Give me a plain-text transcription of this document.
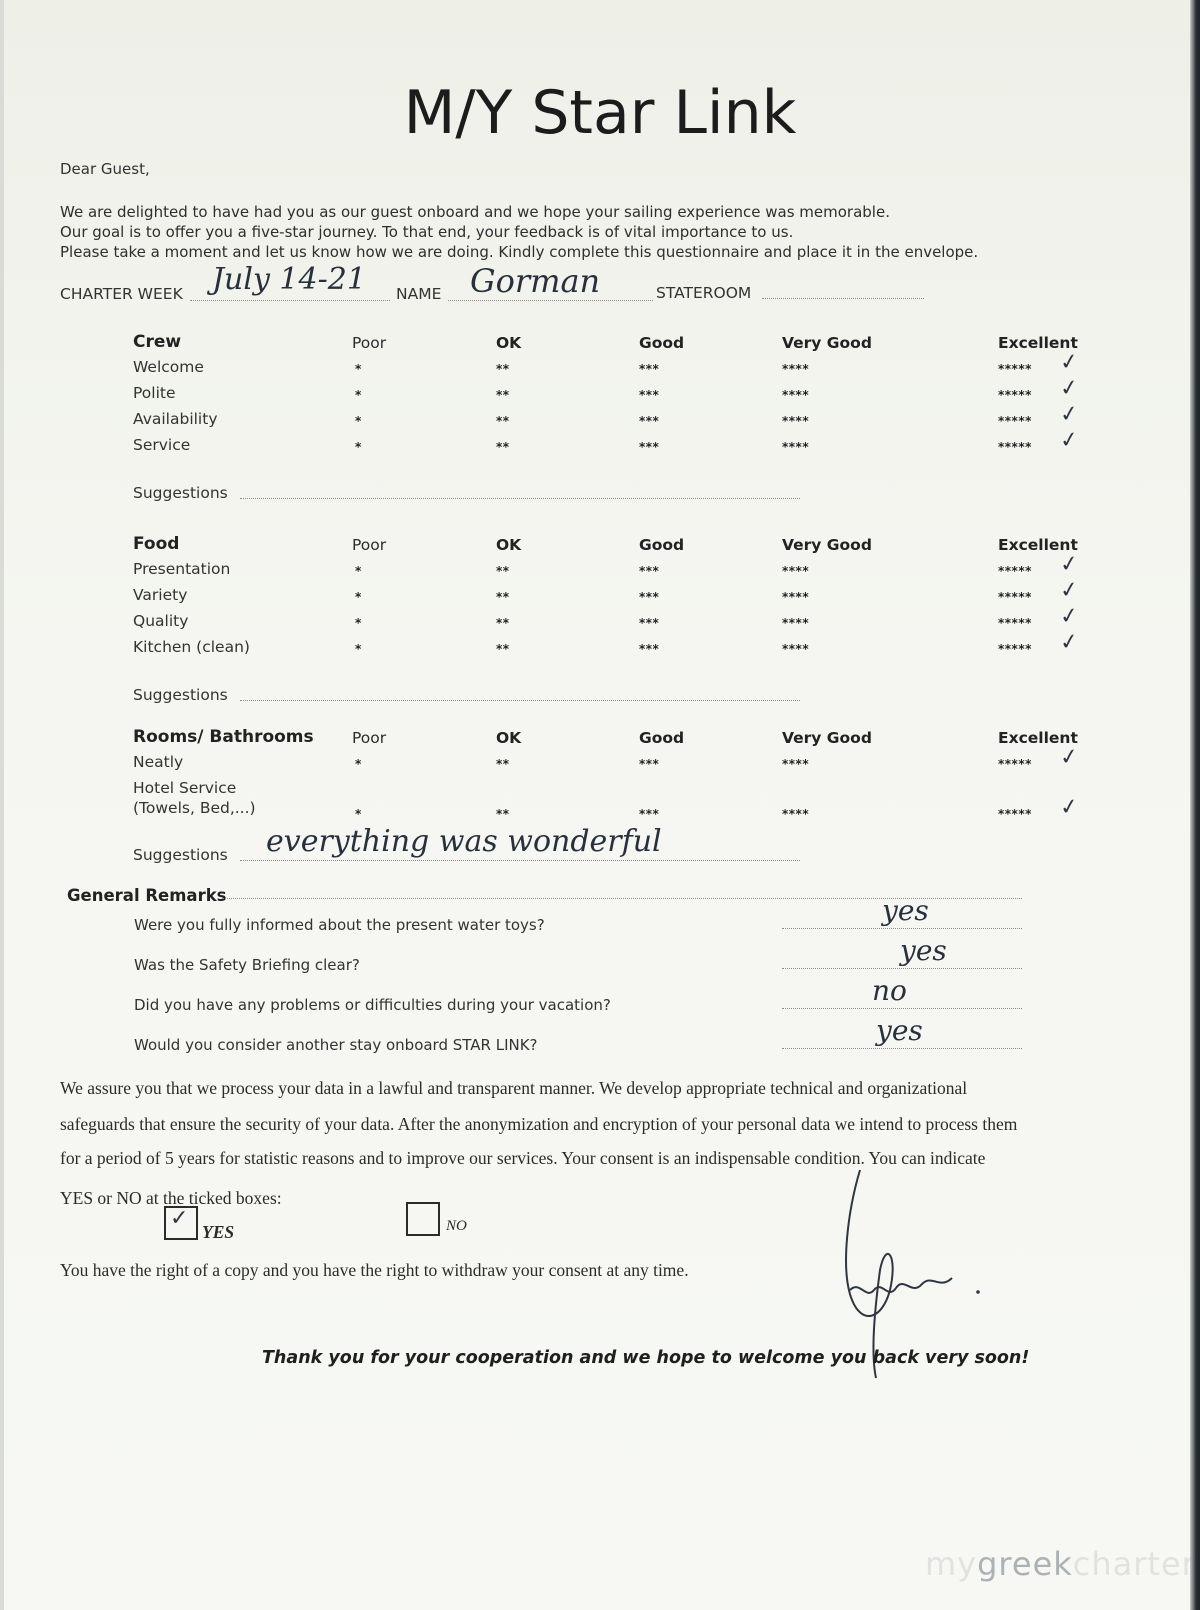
M/Y Star Link
Dear Guest,
We are delighted to have had you as our guest onboard and we hope your sailing experience was memorable.
Our goal is to offer you a five-star journey. To that end, your feedback is of vital importance to us.
Please take a moment and let us know how we are doing. Kindly complete this questionnaire and place it in the envelope.
CHARTER WEEK July 14-21 NAME Gorman	STATEROOM
Crew	Poor	OK	Good	Very Good	Excellent
Welcome	*	**	***	****	***** ✓
Polite	*	**	***	****	***** ✓
Availability	*	**	***	****	***** ✓
Service	*	**	***	****	***** ✓
Suggestions
Food	Poor	OK	Good	Very Good	Excellent
Presentation	*	**	***	****	***** ✓
Variety	*	**	***	****	***** ✓
Quality	*	**	***	****	***** ✓
Kitchen (clean)	*	**	***	****	***** ✓
Suggestions
Rooms/ Bathrooms Poor	OK	Good	Very Good	Excellent
Neatly	*	**	***	****	***** ✓
Hotel Service
(Towels, Bed,...)	*	**	***	****	***** ✓
Suggestions everything was wonderful
General Remarks
Were you fully informed about the present water toys?	yes
Was the Safety Briefing clear?	yes
Did you have any problems or difficulties during your vacation?	no
Would you consider another stay onboard STAR LINK?	yes
We assure you that we process your data in a lawful and transparent manner. We develop appropriate technical and organizational
safeguards that ensure the security of your data. After the anonymization and encryption of your personal data we intend to process them
for a period of 5 years for statistic reasons and to improve our services. Your consent is an indispensable condition. You can indicate
YES or NO at the ticked boxes:
✓
YES	NO
You have the right of a copy and you have the right to withdraw your consent at any time.
Thank you for your cooperation and we hope to welcome you back very soon!
mygreekcharter
